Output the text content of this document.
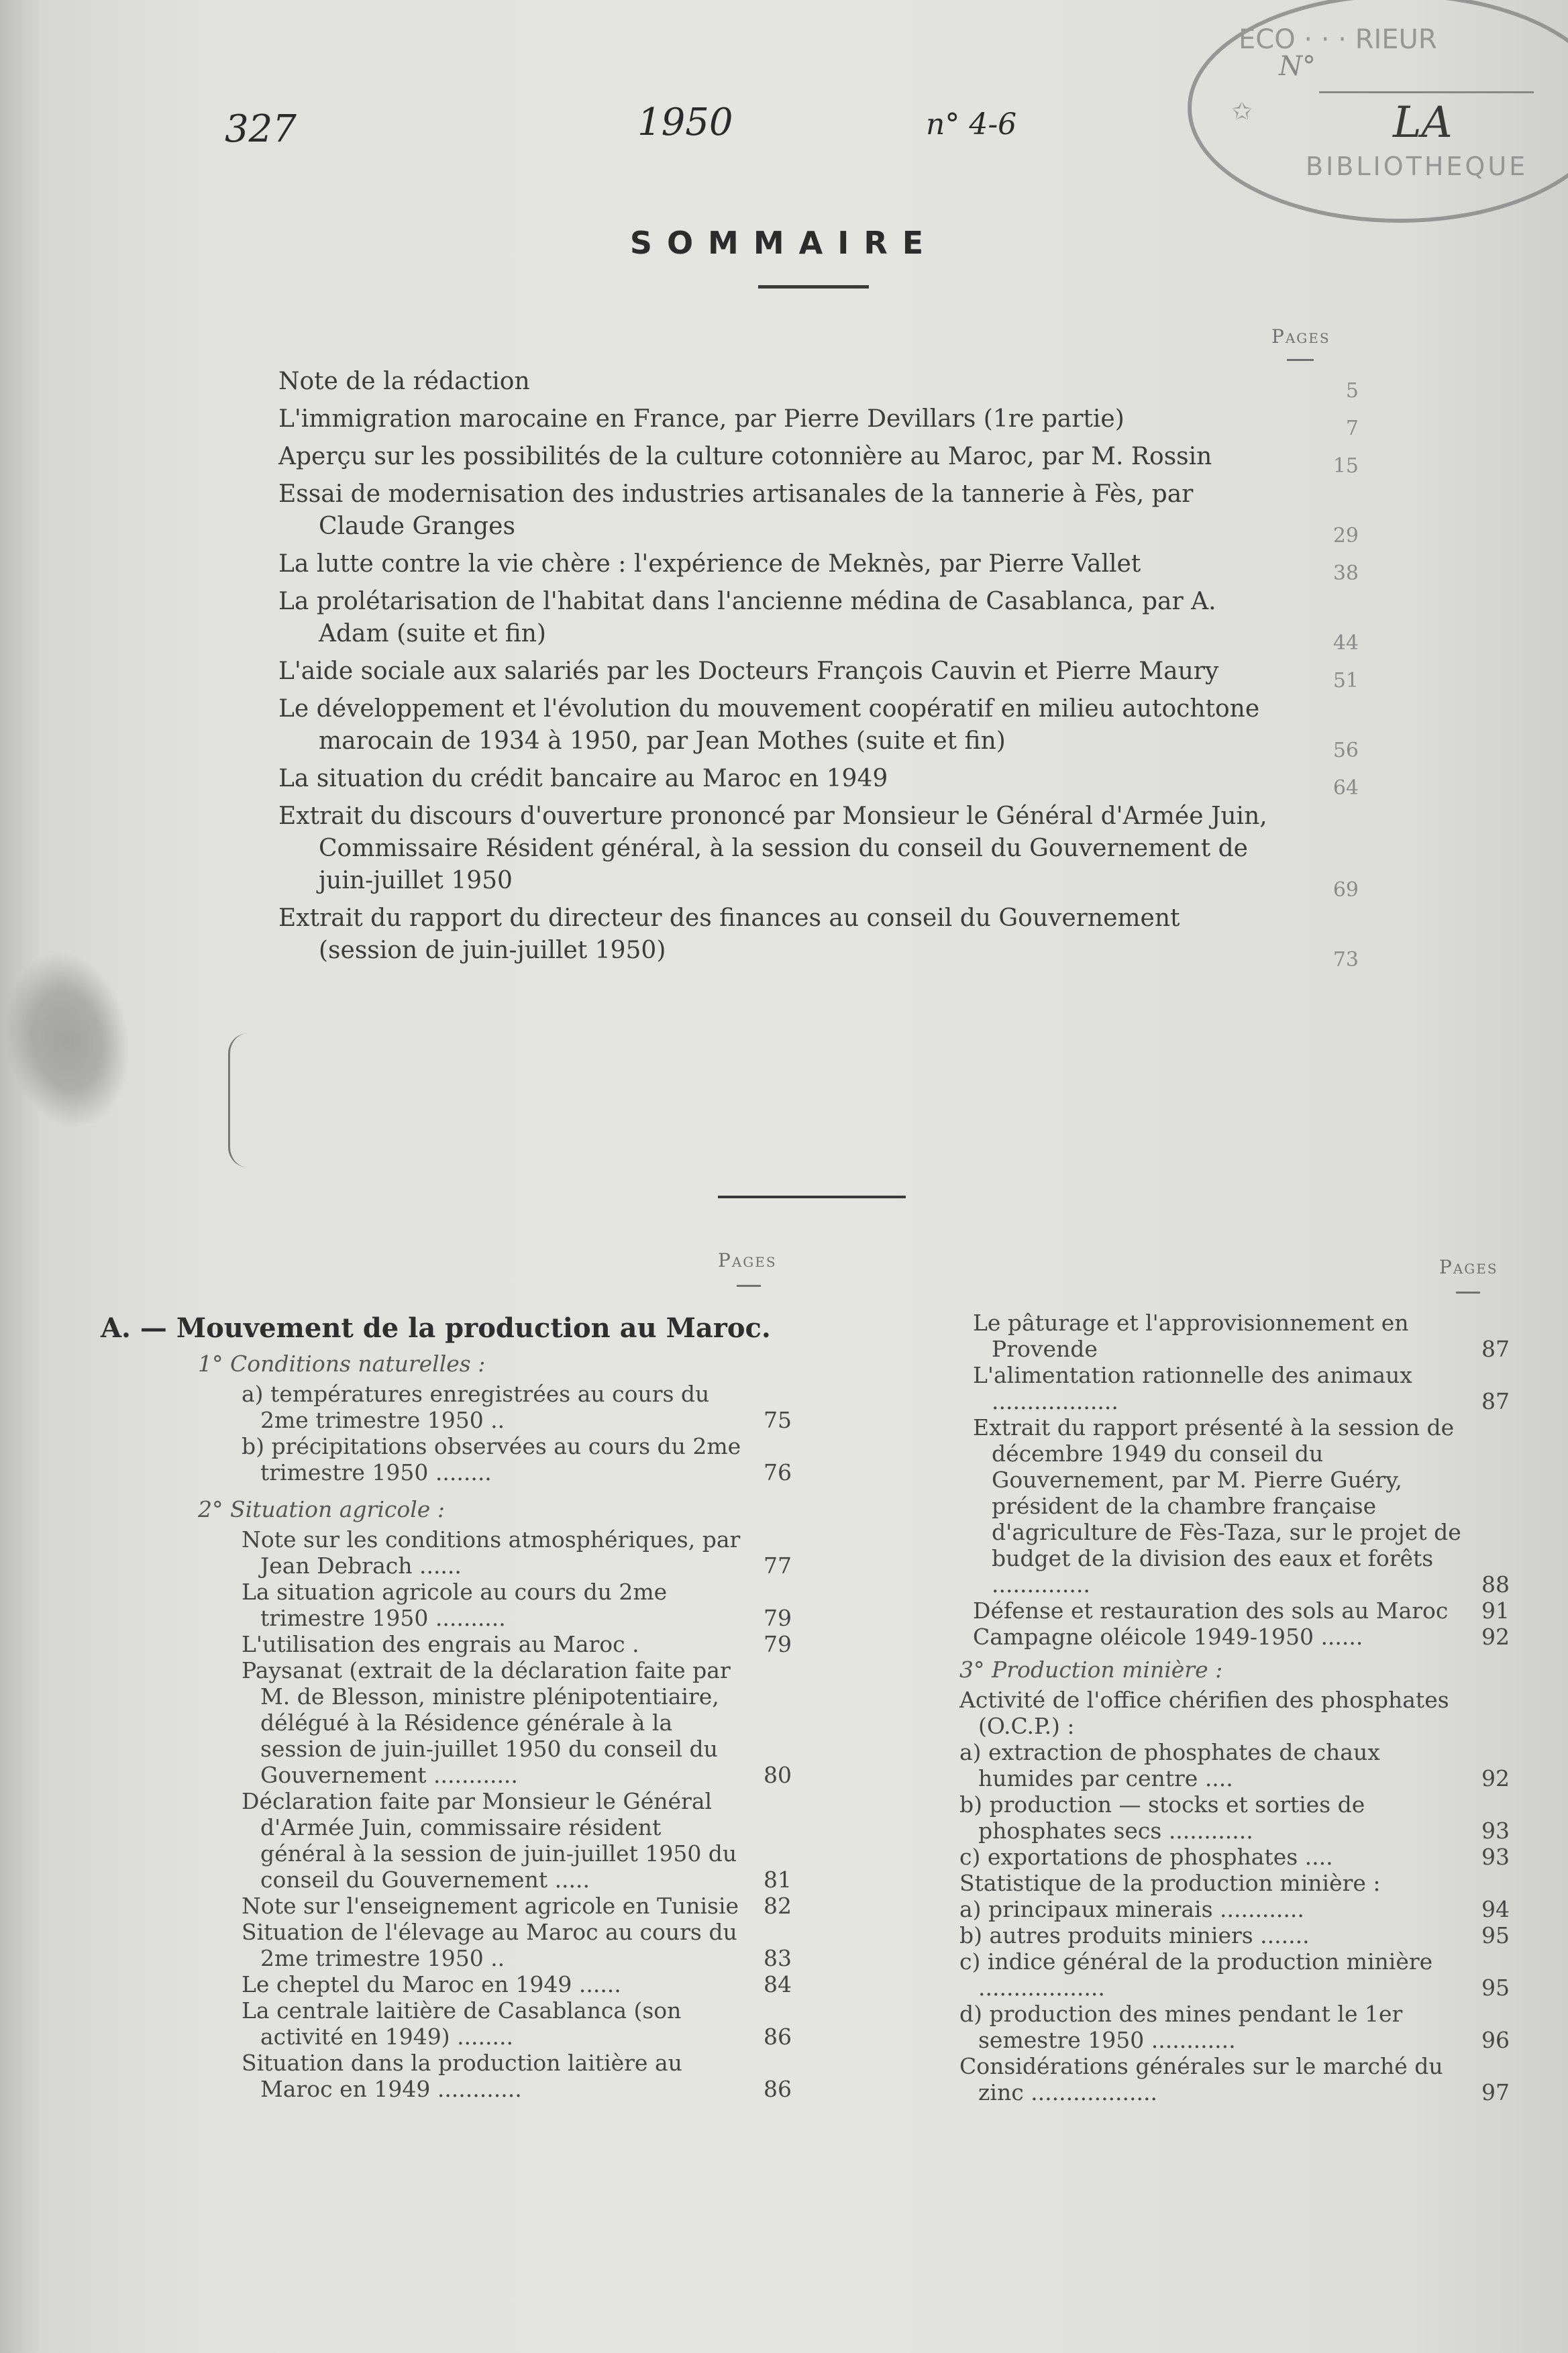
327	1950	n° 4-6
ECO · · · RIEUR
N°
✩	LA
BIBLIOTHEQUE
SOMMAIRE
Pages
Note de la rédaction	5
L'immigration marocaine en France, par Pierre Devillars (1re partie)	7
Aperçu sur les possibilités de la culture cotonnière au Maroc, par M. Rossin	15
Essai de modernisation des industries artisanales de la tannerie à Fès, par Claude Granges	29
La lutte contre la vie chère : l'expérience de Meknès, par Pierre Vallet	38
La prolétarisation de l'habitat dans l'ancienne médina de Casablanca, par A. Adam (suite et fin)	44
L'aide sociale aux salariés par les Docteurs François Cauvin et Pierre Maury	51
Le développement et l'évolution du mouvement coopératif en milieu autochtone marocain de 1934 à 1950, par Jean Mothes (suite et fin)	56
La situation du crédit bancaire au Maroc en 1949	64
Extrait du discours d'ouverture prononcé par Monsieur le Général d'Armée Juin, Commissaire Résident général, à la session du conseil du Gouvernement de juin-juillet 1950	69
Extrait du rapport du directeur des finances au conseil du Gouvernement (session de juin-juillet 1950)	73
Pages	Pages
A. — Mouvement de la production au Maroc.
1° Conditions naturelles :
a) températures enregistrées au cours du 2me trimestre 1950 ..	75
b) précipitations observées au cours du 2me trimestre 1950 ........	76
2° Situation agricole :
Note sur les conditions atmosphériques, par Jean Debrach ......	77
La situation agricole au cours du 2me trimestre 1950 ..........	79
L'utilisation des engrais au Maroc .	79
Paysanat (extrait de la déclaration faite par M. de Blesson, ministre plénipotentiaire, délégué à la Résidence générale à la session de juin-juillet 1950 du conseil du Gouvernement ............	80
Déclaration faite par Monsieur le Général d'Armée Juin, commissaire résident général à la session de juin-juillet 1950 du conseil du Gouvernement .....	81
Note sur l'enseignement agricole en Tunisie	82
Situation de l'élevage au Maroc au cours du 2me trimestre 1950 ..	83
Le cheptel du Maroc en 1949 ......	84
La centrale laitière de Casablanca (son activité en 1949) ........	86
Situation dans la production laitière au Maroc en 1949 ............	86
Le pâturage et l'approvisionnement en Provende	87
L'alimentation rationnelle des animaux ..................	87
Extrait du rapport présenté à la session de décembre 1949 du conseil du Gouvernement, par M. Pierre Guéry, président de la chambre française d'agriculture de Fès-Taza, sur le projet de budget de la division des eaux et forêts ..............	88
Défense et restauration des sols au Maroc	91
Campagne oléicole 1949-1950 ......	92
3° Production minière :
Activité de l'office chérifien des phosphates (O.C.P.) :
a) extraction de phosphates de chaux humides par centre ....	92
b) production — stocks et sorties de phosphates secs ............	93
c) exportations de phosphates ....	93
Statistique de la production minière :
a) principaux minerais ............	94
b) autres produits miniers .......	95
c) indice général de la production minière ..................	95
d) production des mines pendant le 1er semestre 1950 ............	96
Considérations générales sur le marché du zinc ..................	97
